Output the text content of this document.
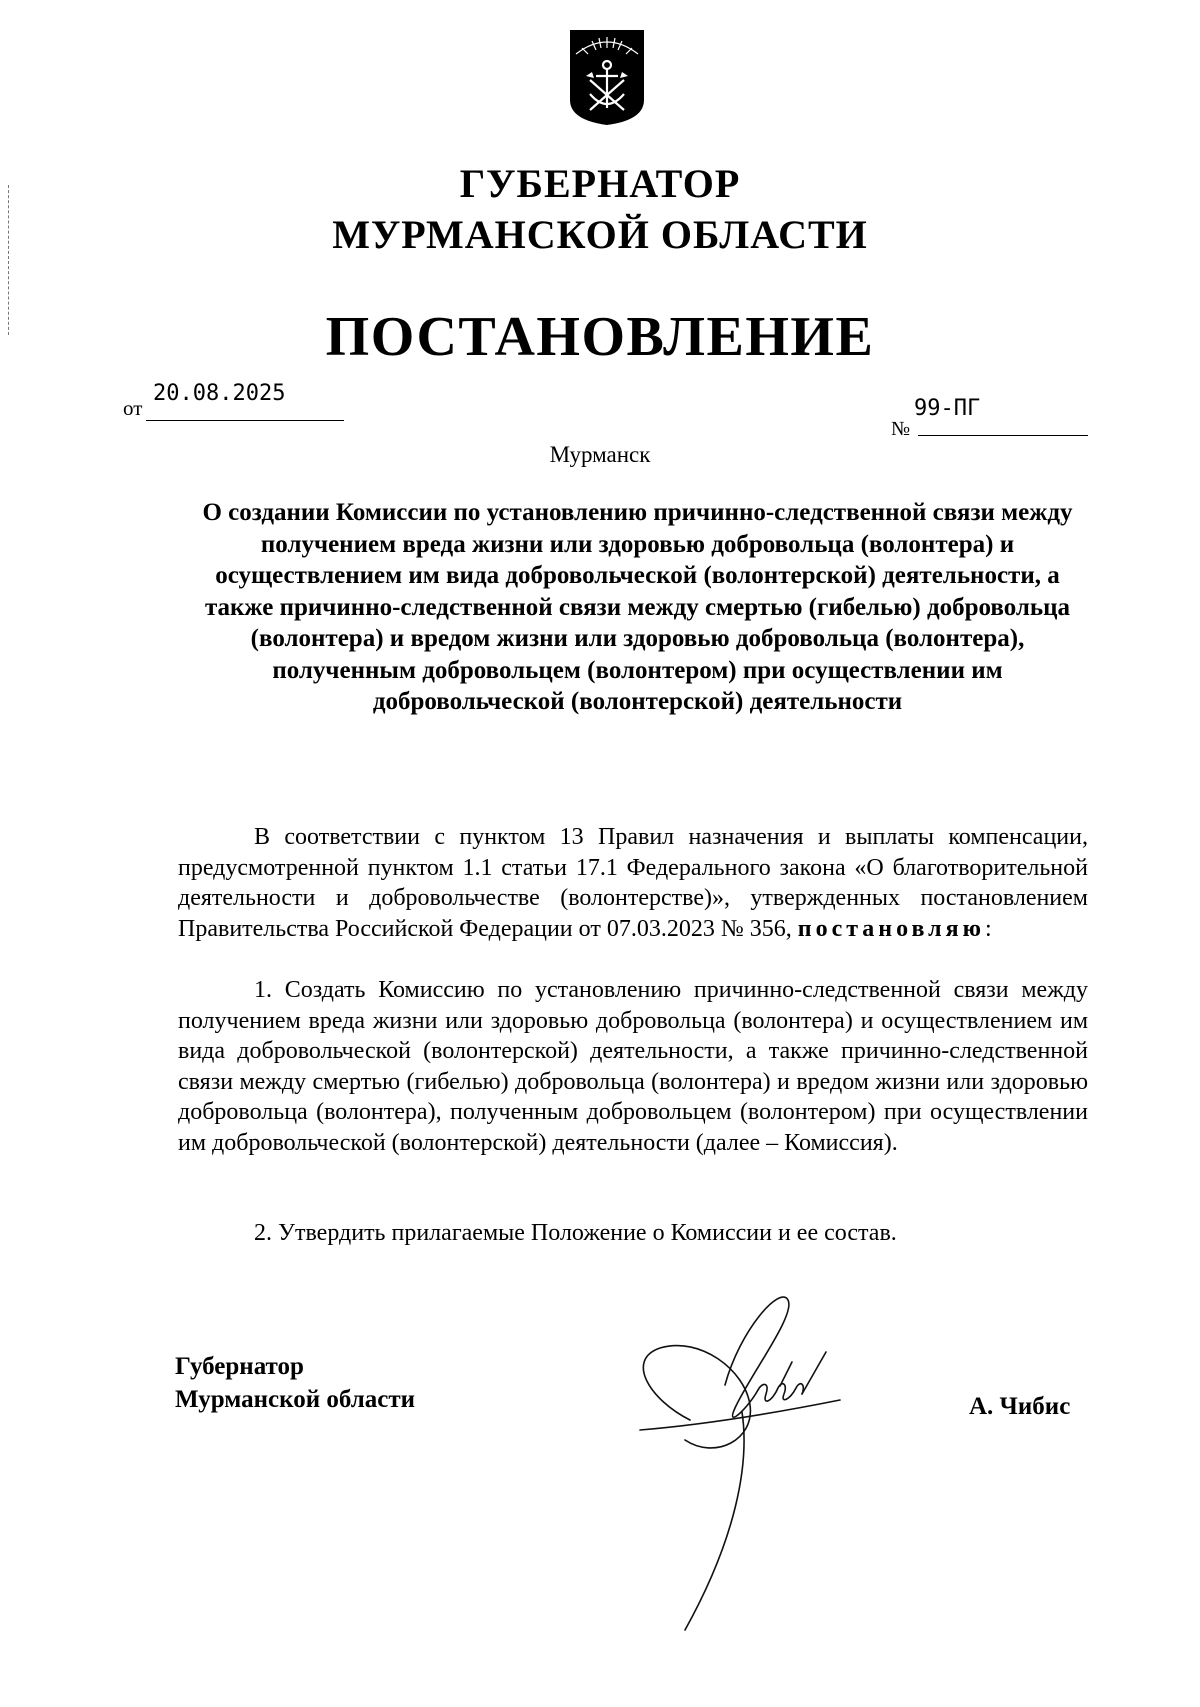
ГУБЕРНАТОР
МУРМАНСКОЙ ОБЛАСТИ
ПОСТАНОВЛЕНИЕ
от
20.08.2025
№
99-ПГ
Мурманск
О создании Комиссии по установлению причинно-следственной связи между получением вреда жизни или здоровью добровольца (волонтера) и осуществлением им вида добровольческой (волонтерской) деятельности, а также причинно-следственной связи между смертью (гибелью) добровольца (волонтера) и вредом жизни или здоровью добровольца (волонтера), полученным добровольцем (волонтером) при осуществлении им добровольческой (волонтерской) деятельности
В соответствии с пунктом 13 Правил назначения и выплаты компенсации, предусмотренной пунктом 1.1 статьи 17.1 Федерального закона «О благотворительной деятельности и добровольчестве (волонтерстве)», утвержденных постановлением Правительства Российской Федерации от 07.03.2023 № 356, постановляю:
1. Создать Комиссию по установлению причинно-следственной связи между получением вреда жизни или здоровью добровольца (волонтера) и осуществлением им вида добровольческой (волонтерской) деятельности, а также причинно-следственной связи между смертью (гибелью) добровольца (волонтера) и вредом жизни или здоровью добровольца (волонтера), полученным добровольцем (волонтером) при осуществлении им добровольческой (волонтерской) деятельности (далее – Комиссия).
2. Утвердить прилагаемые Положение о Комиссии и ее состав.
Губернатор
Мурманской области	А. Чибис
